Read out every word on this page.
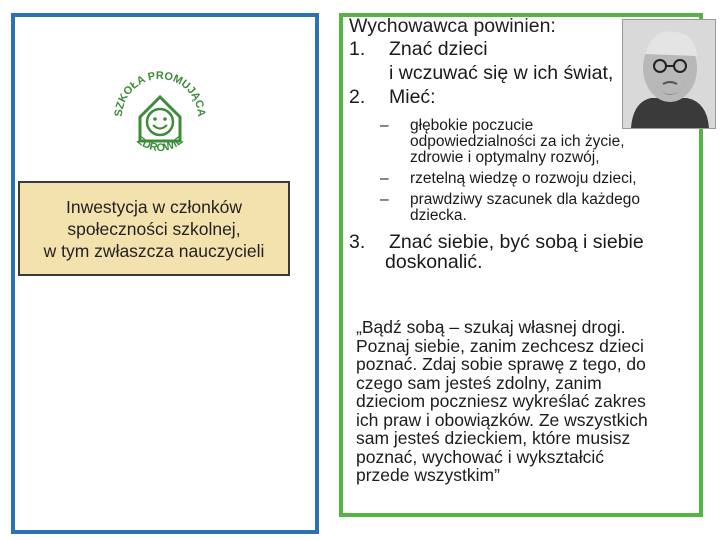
SZKOŁA PROMUJĄCA
ZDROWIE
Inwestycja w członków
społeczności szkolnej,
w tym zwłaszcza nauczycieli
Wychowawca powinien:
1. Znać dzieci
i wczuwać się w ich świat,
2. Mieć:
– głębokie poczucie
odpowiedzialności za ich życie,
zdrowie i optymalny rozwój,
– rzetelną wiedzę o rozwoju dzieci,
– prawdziwy szacunek dla każdego
dziecka.
3. Znać siebie, być sobą i siebie
doskonalić.
„Bądź sobą – szukaj własnej drogi.
Poznaj siebie, zanim zechcesz dzieci
poznać. Zdaj sobie sprawę z tego, do
czego sam jesteś zdolny, zanim
dzieciom poczniesz wykreślać zakres
ich praw i obowiązków. Ze wszystkich
sam jesteś dzieckiem, które musisz
poznać, wychować i wykształcić
przede wszystkim”
